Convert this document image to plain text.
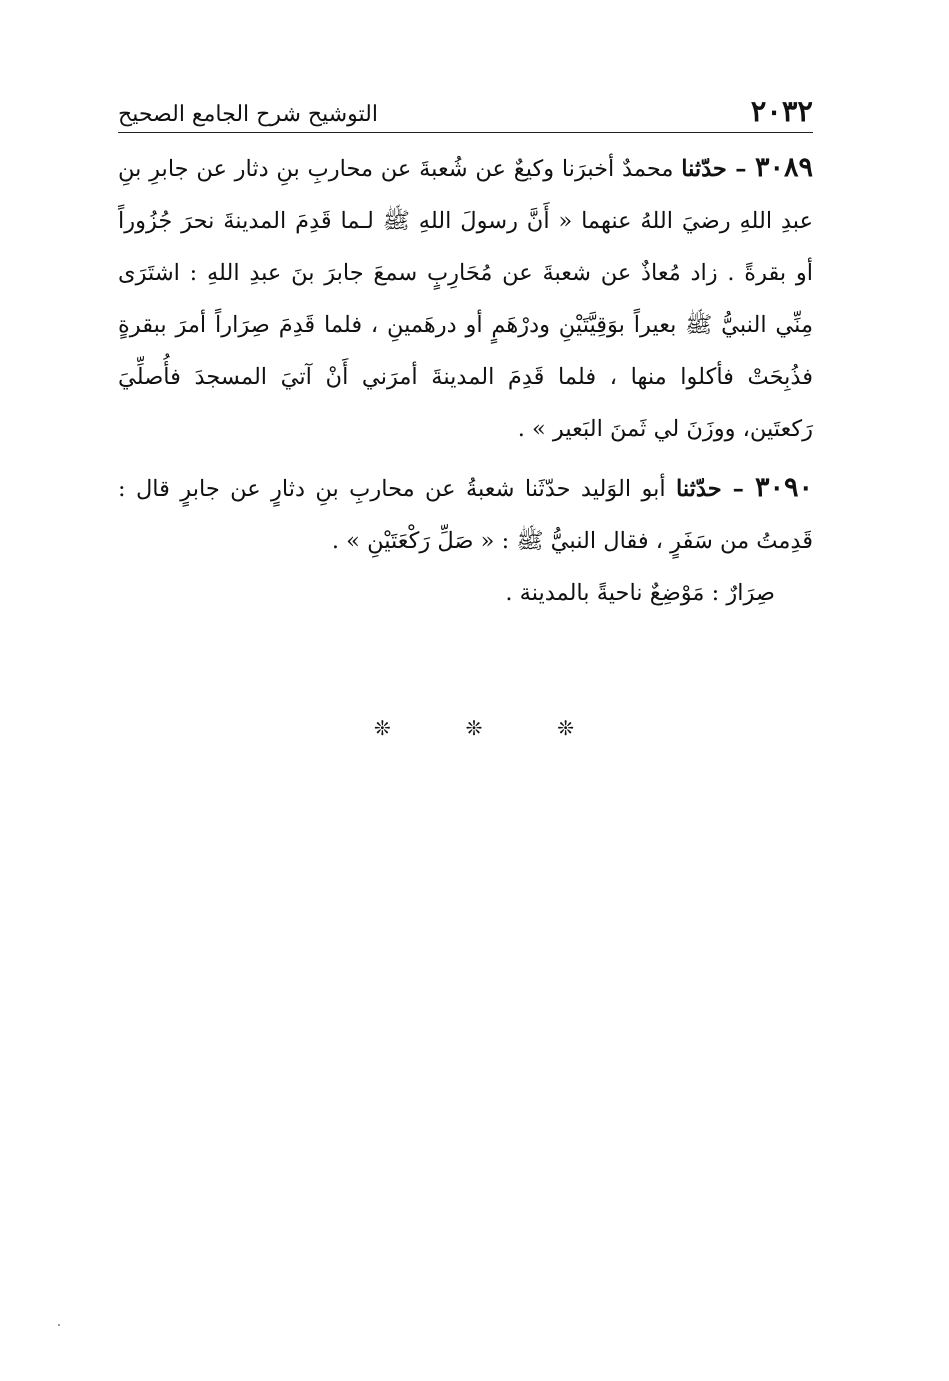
٢٠٣٢
التوشيح شرح الجامع الصحيح

٣٠٨٩ – حدّثنا محمدٌ أخبرَنا وكيعٌ عن شُعبةَ عن محاربِ بنِ دثار عن جابرِ بنِ عبدِ اللهِ رضيَ اللهُ عنهما « أَنَّ رسولَ اللهِ ﷺ لـما قَدِمَ المدينةَ نحرَ جُزُوراً أو بقرةً . زاد مُعاذٌ عن شعبةَ عن مُحَارِبٍ سمعَ جابرَ بنَ عبدِ اللهِ : اشتَرَى مِنِّي النبيُّ ﷺ بعيراً بوَقِيَّتَيْنِ ودرْهَمٍ أو درهَمينِ ، فلما قَدِمَ صِرَاراً أمرَ ببقرةٍ فذُبِحَتْ فأكلوا منها ، فلما قَدِمَ المدينةَ أمرَني أَنْ آتيَ المسجدَ فأُصلِّيَ رَكعتَين، ووزَنَ لي ثَمنَ البَعير » .

٣٠٩٠ – حدّثنا أبو الوَليد حدّثَنا شعبةُ عن محاربِ بنِ دثارٍ عن جابرٍ قال : قَدِمتُ من سَفَرٍ ، فقال النبيُّ ﷺ : « صَلِّ رَكْعَتَيْنِ » .

صِرَارٌ : مَوْضِعٌ ناحيةً بالمدينة .

❊	❊	❊
